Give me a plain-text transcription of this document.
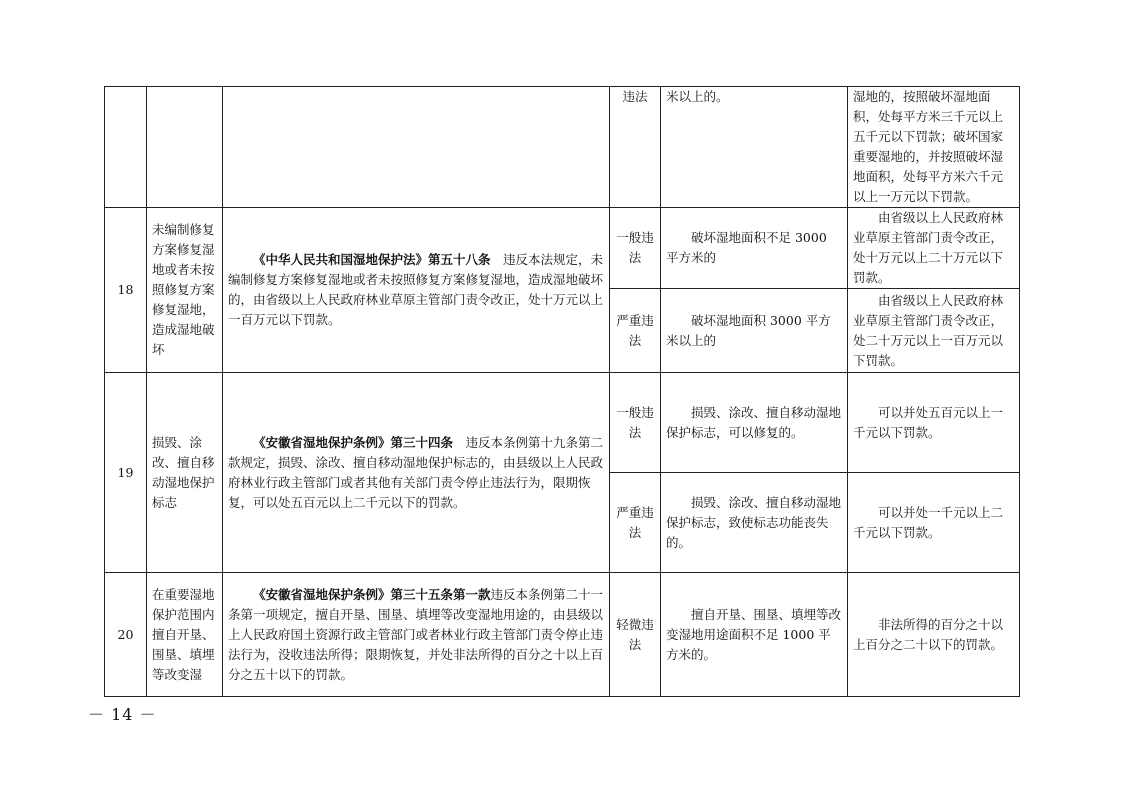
			违法	米以上的。	湿地的，按照破坏湿地面积，处每平方米三千元以上五千元以下罚款；破坏国家重要湿地的，并按照破坏湿地面积，处每平方米六千元以上一万元以下罚款。
18	未编制修复方案修复湿地或者未按照修复方案修复湿地，造成湿地破坏	《中华人民共和国湿地保护法》第五十八条　 违反本法规定，未编制修复方案修复湿地或者未按照修复方案修复湿地，造成湿地破坏的，由省级以上人民政府林业草原主管部门责令改正，处十万元以上一百万元以下罚款。	一般违法	破坏湿地面积不足 3000 平方米的	由省级以上人民政府林业草原主管部门责令改正，处十万元以上二十万元以下罚款。
			严重违法	破坏湿地面积 3000 平方米以上的	由省级以上人民政府林业草原主管部门责令改正，处二十万元以上一百万元以下罚款。
19	损毁、涂改、擅自移动湿地保护标志	《安徽省湿地保护条例》第三十四条　 违反本条例第十九条第二款规定，损毁、涂改、擅自移动湿地保护标志的，由县级以上人民政府林业行政主管部门或者其他有关部门责令停止违法行为，限期恢复，可以处五百元以上二千元以下的罚款。	一般违法	损毁、涂改、擅自移动湿地保护标志，可以修复的。	可以并处五百元以上一千元以下罚款。
			严重违法	损毁、涂改、擅自移动湿地保护标志，致使标志功能丧失的。	可以并处一千元以上二千元以下罚款。
20	在重要湿地保护范围内擅自开垦、围垦、填埋等改变湿	《安徽省湿地保护条例》第三十五条第一款违反本条例第二十一条第一项规定，擅自开垦、围垦、填埋等改变湿地用途的，由县级以上人民政府国土资源行政主管部门或者林业行政主管部门责令停止违法行为，没收违法所得；限期恢复，并处非法所得的百分之十以上百分之五十以下的罚款。	轻微违法	擅自开垦、围垦、填埋等改变湿地用途面积不足 1000 平方米的。	非法所得的百分之十以上百分之二十以下的罚款。
－ 14 －
